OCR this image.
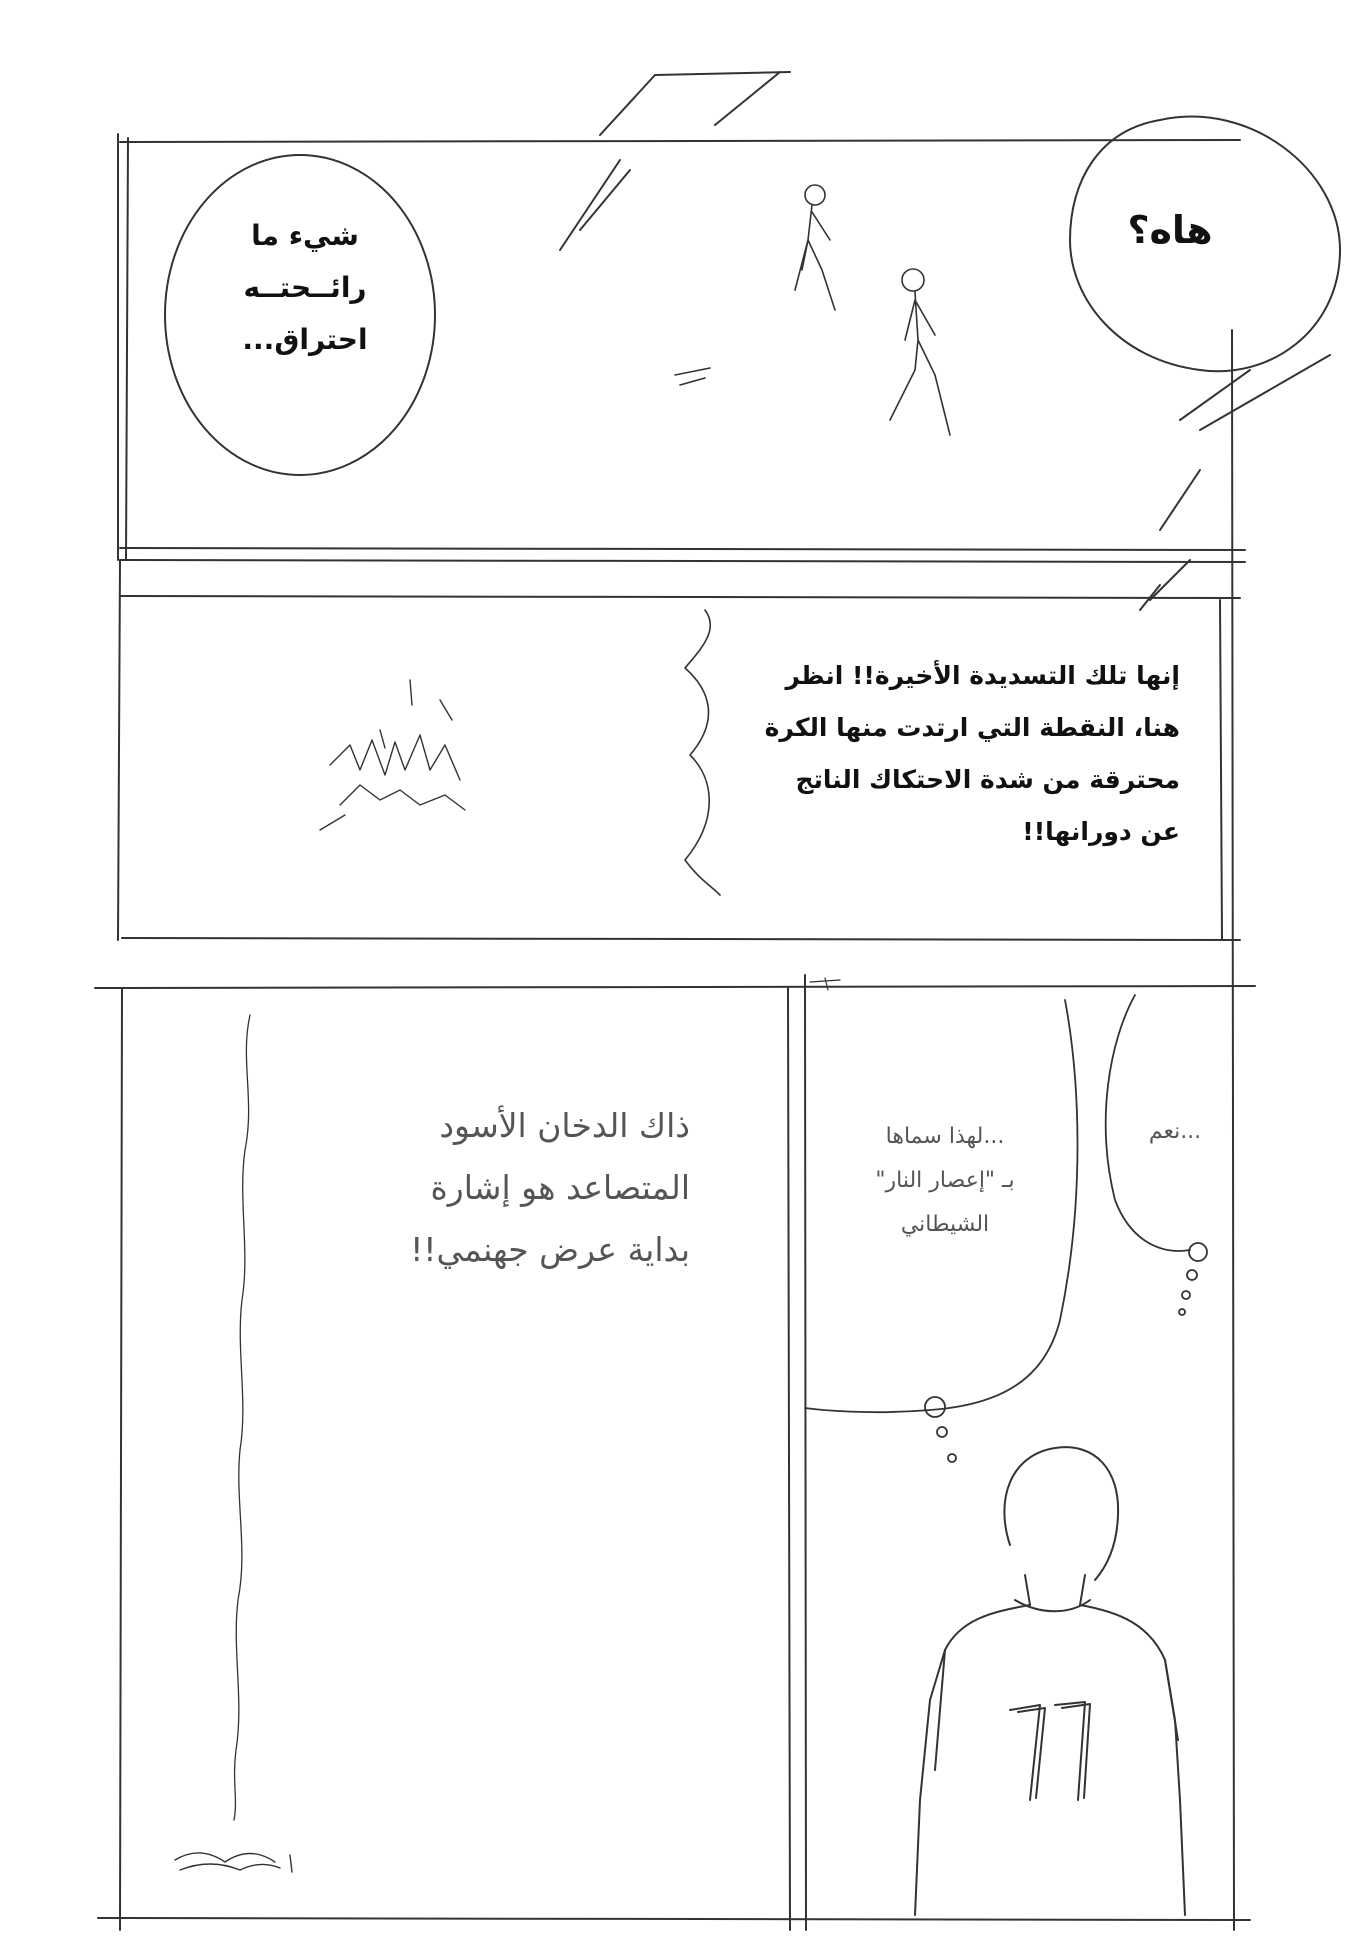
شيء ما
رائــحتــه
احتراق...
هاه؟
إنها تلك التسديدة الأخيرة!! انظر
هنا، النقطة التي ارتدت منها الكرة
محترقة من شدة الاحتكاك الناتج
عن دورانها!!
ذاك الدخان الأسود
المتصاعد هو إشارة
بداية عرض جهنمي!!
...لهذا سماها
بـ "إعصار النار"
الشيطاني
...نعم
